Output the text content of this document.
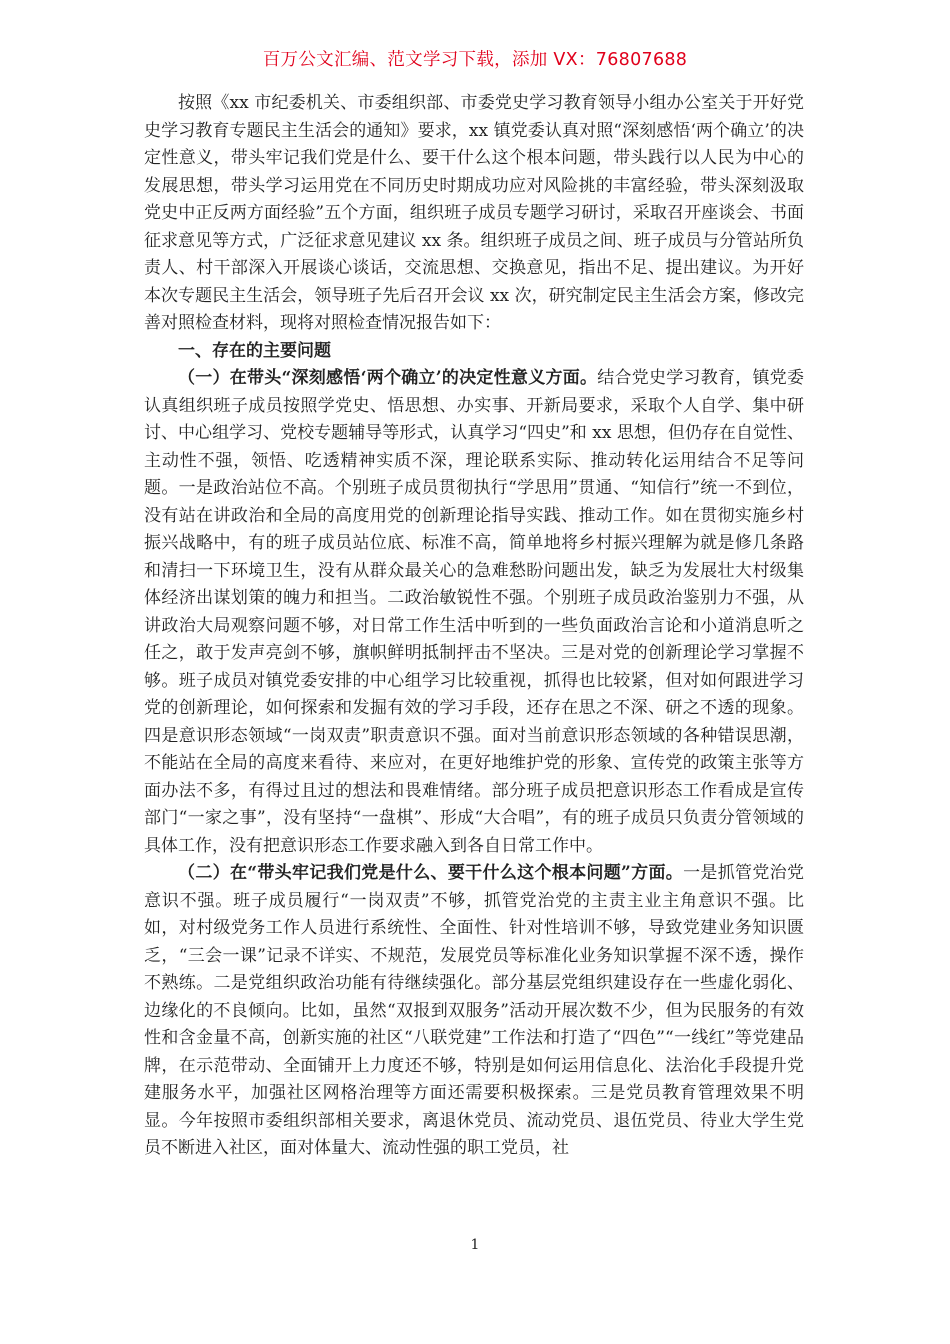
百万公文汇编、范文学习下载，添加 VX：76807688

按照《xx 市纪委机关、市委组织部、市委党史学习教育领导小组办公室关于开好党史学习教育专题民主生活会的通知》要求，xx 镇党委认真对照“深刻感悟‘两个确立’的决定性意义，带头牢记我们党是什么、要干什么这个根本问题，带头践行以人民为中心的发展思想，带头学习运用党在不同历史时期成功应对风险挑的丰富经验，带头深刻汲取党史中正反两方面经验”五个方面，组织班子成员专题学习研讨，采取召开座谈会、书面征求意见等方式，广泛征求意见建议 xx 条。组织班子成员之间、班子成员与分管站所负责人、村干部深入开展谈心谈话，交流思想、交换意见，指出不足、提出建议。为开好本次专题民主生活会，领导班子先后召开会议 xx 次，研究制定民主生活会方案，修改完善对照检查材料，现将对照检查情况报告如下：

一、存在的主要问题

（一）在带头“深刻感悟‘两个确立’的决定性意义方面。结合党史学习教育，镇党委认真组织班子成员按照学党史、悟思想、办实事、开新局要求，采取个人自学、集中研讨、中心组学习、党校专题辅导等形式，认真学习“四史”和 xx 思想，但仍存在自觉性、主动性不强，领悟、吃透精神实质不深，理论联系实际、推动转化运用结合不足等问题。一是政治站位不高。个别班子成员贯彻执行“学思用”贯通、“知信行”统一不到位，没有站在讲政治和全局的高度用党的创新理论指导实践、推动工作。如在贯彻实施乡村振兴战略中，有的班子成员站位底、标准不高，简单地将乡村振兴理解为就是修几条路和清扫一下环境卫生，没有从群众最关心的急难愁盼问题出发，缺乏为发展壮大村级集体经济出谋划策的魄力和担当。二政治敏锐性不强。个别班子成员政治鉴别力不强，从讲政治大局观察问题不够，对日常工作生活中听到的一些负面政治言论和小道消息听之任之，敢于发声亮剑不够，旗帜鲜明抵制抨击不坚决。三是对党的创新理论学习掌握不够。班子成员对镇党委安排的中心组学习比较重视，抓得也比较紧，但对如何跟进学习党的创新理论，如何探索和发掘有效的学习手段，还存在思之不深、研之不透的现象。四是意识形态领域“一岗双责”职责意识不强。面对当前意识形态领域的各种错误思潮，不能站在全局的高度来看待、来应对，在更好地维护党的形象、宣传党的政策主张等方面办法不多，有得过且过的想法和畏难情绪。部分班子成员把意识形态工作看成是宣传部门“一家之事”，没有坚持“一盘棋”、形成“大合唱”，有的班子成员只负责分管领域的具体工作，没有把意识形态工作要求融入到各自日常工作中。

（二）在“带头牢记我们党是什么、要干什么这个根本问题”方面。一是抓管党治党意识不强。班子成员履行“一岗双责”不够，抓管党治党的主责主业主角意识不强。比如，对村级党务工作人员进行系统性、全面性、针对性培训不够，导致党建业务知识匮乏，“三会一课”记录不详实、不规范，发展党员等标准化业务知识掌握不深不透，操作不熟练。二是党组织政治功能有待继续强化。部分基层党组织建设存在一些虚化弱化、边缘化的不良倾向。比如，虽然“双报到双服务”活动开展次数不少，但为民服务的有效性和含金量不高，创新实施的社区“八联党建”工作法和打造了“四色”“一线红”等党建品牌，在示范带动、全面铺开上力度还不够，特别是如何运用信息化、法治化手段提升党建服务水平，加强社区网格治理等方面还需要积极探索。三是党员教育管理效果不明显。今年按照市委组织部相关要求，离退休党员、流动党员、退伍党员、待业大学生党员不断进入社区，面对体量大、流动性强的职工党员，社

1
